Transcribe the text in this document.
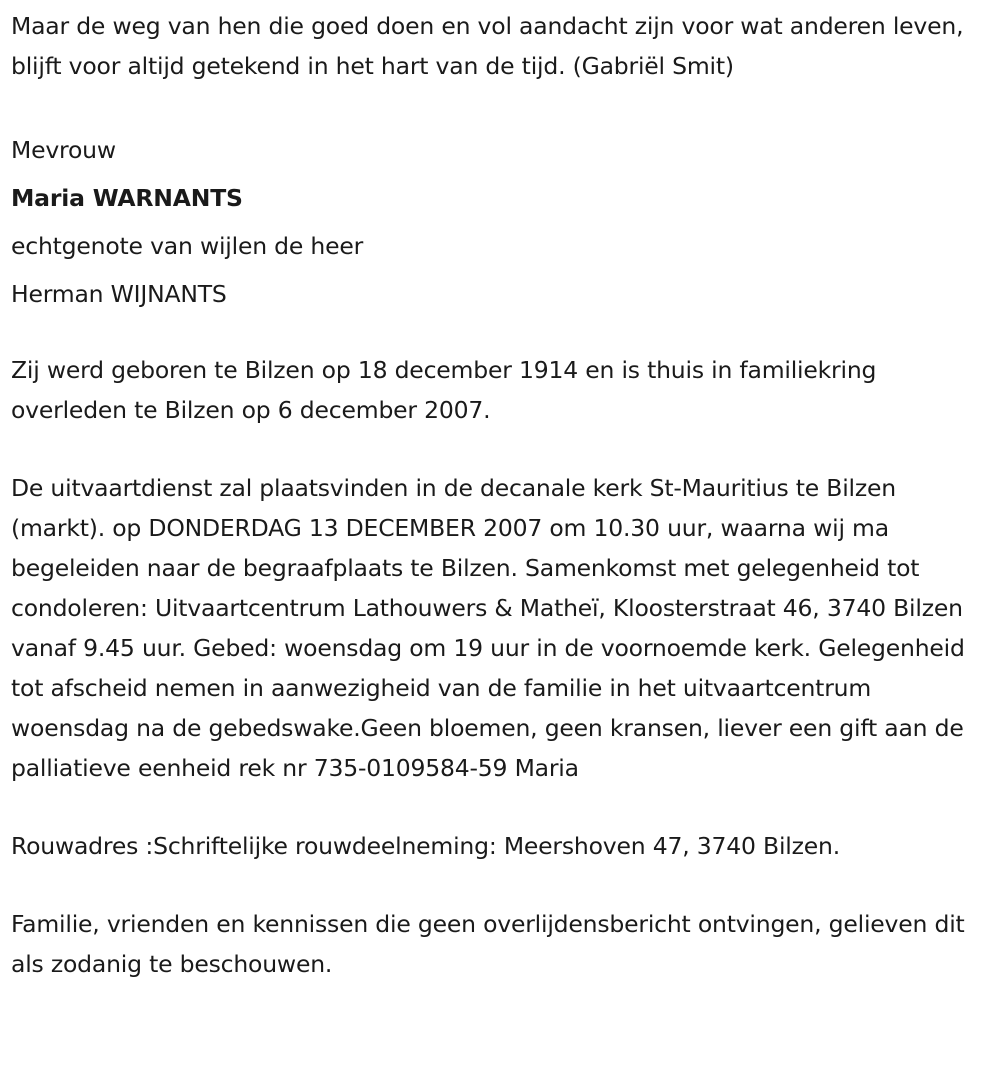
Maar de weg van hen die goed doen en vol aandacht zijn voor wat anderen leven, blijft voor altijd getekend in het hart van de tijd. (Gabriël Smit)

Mevrouw
Maria WARNANTS
echtgenote van wijlen de heer
Herman WIJNANTS

Zij werd geboren te Bilzen op 18 december 1914 en is thuis in familiekring overleden te Bilzen op 6 december 2007.

De uitvaartdienst zal plaatsvinden in de decanale kerk St-Mauritius te Bilzen (markt). op DONDERDAG 13 DECEMBER 2007 om 10.30 uur, waarna wij ma begeleiden naar de begraafplaats te Bilzen. Samenkomst met gelegenheid tot condoleren: Uitvaartcentrum Lathouwers & Matheï, Kloosterstraat 46, 3740 Bilzen vanaf 9.45 uur. Gebed: woensdag om 19 uur in de voornoemde kerk. Gelegenheid tot afscheid nemen in aanwezigheid van de familie in het uitvaartcentrum woensdag na de gebedswake.Geen bloemen, geen kransen, liever een gift aan de palliatieve eenheid rek nr 735-0109584-59 Maria

Rouwadres :Schriftelijke rouwdeelneming: Meershoven 47, 3740 Bilzen.

Familie, vrienden en kennissen die geen overlijdensbericht ontvingen, gelieven dit als zodanig te beschouwen.
